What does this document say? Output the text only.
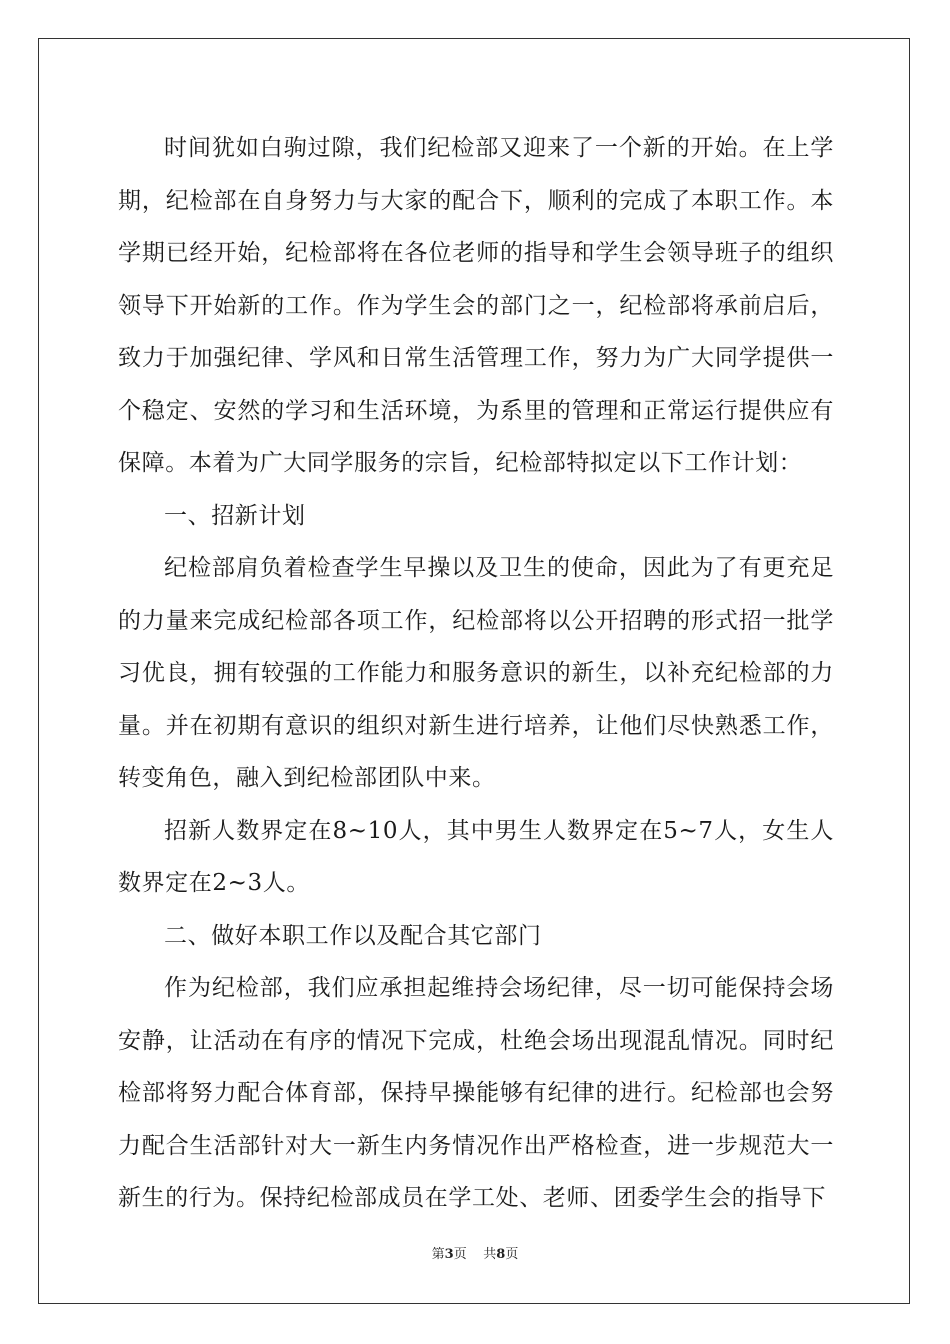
时间犹如白驹过隙，我们纪检部又迎来了一个新的开始。在上学期，纪检部在自身努力与大家的配合下，顺利的完成了本职工作。本学期已经开始，纪检部将在各位老师的指导和学生会领导班子的组织领导下开始新的工作。作为学生会的部门之一，纪检部将承前启后，致力于加强纪律、学风和日常生活管理工作，努力为广大同学提供一个稳定、安然的学习和生活环境，为系里的管理和正常运行提供应有保障。本着为广大同学服务的宗旨，纪检部特拟定以下工作计划：

一、招新计划

纪检部肩负着检查学生早操以及卫生的使命，因此为了有更充足的力量来完成纪检部各项工作，纪检部将以公开招聘的形式招一批学习优良，拥有较强的工作能力和服务意识的新生，以补充纪检部的力量。并在初期有意识的组织对新生进行培养，让他们尽快熟悉工作，转变角色，融入到纪检部团队中来。

招新人数界定在8~10人，其中男生人数界定在5~7人，女生人数界定在2~3人。

二、做好本职工作以及配合其它部门

作为纪检部，我们应承担起维持会场纪律，尽一切可能保持会场安静，让活动在有序的情况下完成，杜绝会场出现混乱情况。同时纪检部将努力配合体育部，保持早操能够有纪律的进行。纪检部也会努力配合生活部针对大一新生内务情况作出严格检查，进一步规范大一新生的行为。保持纪检部成员在学工处、老师、团委学生会的指导下

第3页 共8页
